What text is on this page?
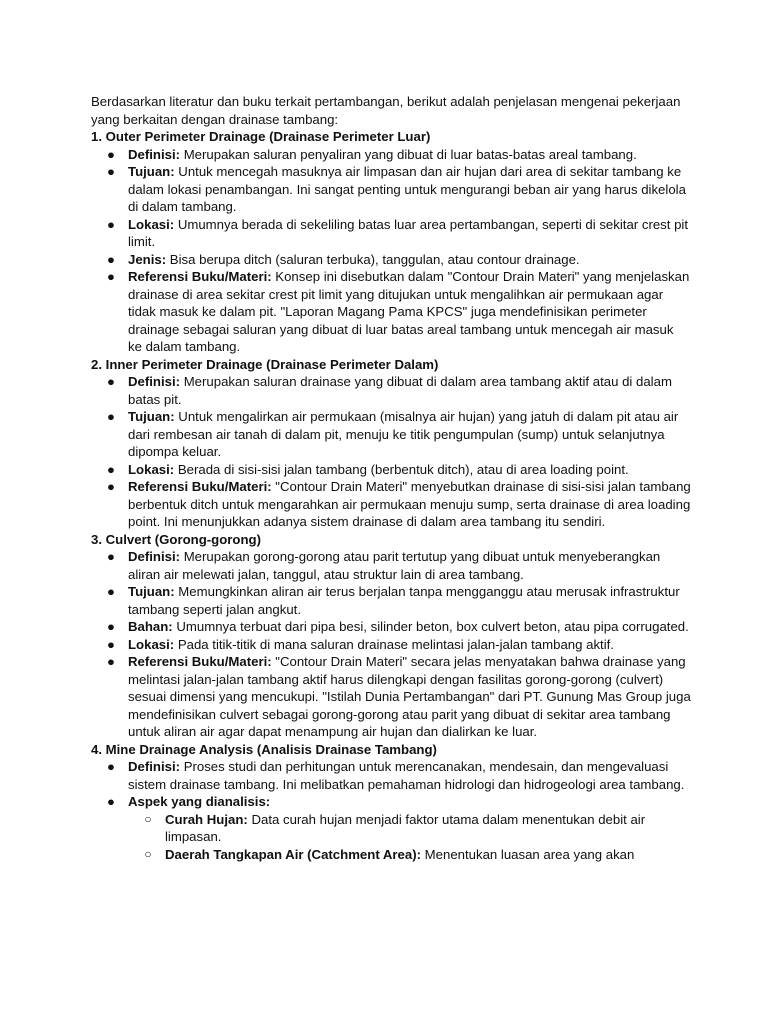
Berdasarkan literatur dan buku terkait pertambangan, berikut adalah penjelasan mengenai pekerjaan yang berkaitan dengan drainase tambang:

1. Outer Perimeter Drainage (Drainase Perimeter Luar)
● Definisi: Merupakan saluran penyaliran yang dibuat di luar batas-batas areal tambang.
● Tujuan: Untuk mencegah masuknya air limpasan dan air hujan dari area di sekitar tambang ke dalam lokasi penambangan. Ini sangat penting untuk mengurangi beban air yang harus dikelola di dalam tambang.
● Lokasi: Umumnya berada di sekeliling batas luar area pertambangan, seperti di sekitar crest pit limit.
● Jenis: Bisa berupa ditch (saluran terbuka), tanggulan, atau contour drainage.
● Referensi Buku/Materi: Konsep ini disebutkan dalam "Contour Drain Materi" yang menjelaskan drainase di area sekitar crest pit limit yang ditujukan untuk mengalihkan air permukaan agar tidak masuk ke dalam pit. "Laporan Magang Pama KPCS" juga mendefinisikan perimeter drainage sebagai saluran yang dibuat di luar batas areal tambang untuk mencegah air masuk ke dalam tambang.
2. Inner Perimeter Drainage (Drainase Perimeter Dalam)
● Definisi: Merupakan saluran drainase yang dibuat di dalam area tambang aktif atau di dalam batas pit.
● Tujuan: Untuk mengalirkan air permukaan (misalnya air hujan) yang jatuh di dalam pit atau air dari rembesan air tanah di dalam pit, menuju ke titik pengumpulan (sump) untuk selanjutnya dipompa keluar.
● Lokasi: Berada di sisi-sisi jalan tambang (berbentuk ditch), atau di area loading point.
● Referensi Buku/Materi: "Contour Drain Materi" menyebutkan drainase di sisi-sisi jalan tambang berbentuk ditch untuk mengarahkan air permukaan menuju sump, serta drainase di area loading point. Ini menunjukkan adanya sistem drainase di dalam area tambang itu sendiri.
3. Culvert (Gorong-gorong)
● Definisi: Merupakan gorong-gorong atau parit tertutup yang dibuat untuk menyeberangkan aliran air melewati jalan, tanggul, atau struktur lain di area tambang.
● Tujuan: Memungkinkan aliran air terus berjalan tanpa mengganggu atau merusak infrastruktur tambang seperti jalan angkut.
● Bahan: Umumnya terbuat dari pipa besi, silinder beton, box culvert beton, atau pipa corrugated.
● Lokasi: Pada titik-titik di mana saluran drainase melintasi jalan-jalan tambang aktif.
● Referensi Buku/Materi: "Contour Drain Materi" secara jelas menyatakan bahwa drainase yang melintasi jalan-jalan tambang aktif harus dilengkapi dengan fasilitas gorong-gorong (culvert) sesuai dimensi yang mencukupi. "Istilah Dunia Pertambangan" dari PT. Gunung Mas Group juga mendefinisikan culvert sebagai gorong-gorong atau parit yang dibuat di sekitar area tambang untuk aliran air agar dapat menampung air hujan dan dialirkan ke luar.
4. Mine Drainage Analysis (Analisis Drainase Tambang)
● Definisi: Proses studi dan perhitungan untuk merencanakan, mendesain, dan mengevaluasi sistem drainase tambang. Ini melibatkan pemahaman hidrologi dan hidrogeologi area tambang.
● Aspek yang dianalisis:
○ Curah Hujan: Data curah hujan menjadi faktor utama dalam menentukan debit air limpasan.
○ Daerah Tangkapan Air (Catchment Area): Menentukan luasan area yang akan
